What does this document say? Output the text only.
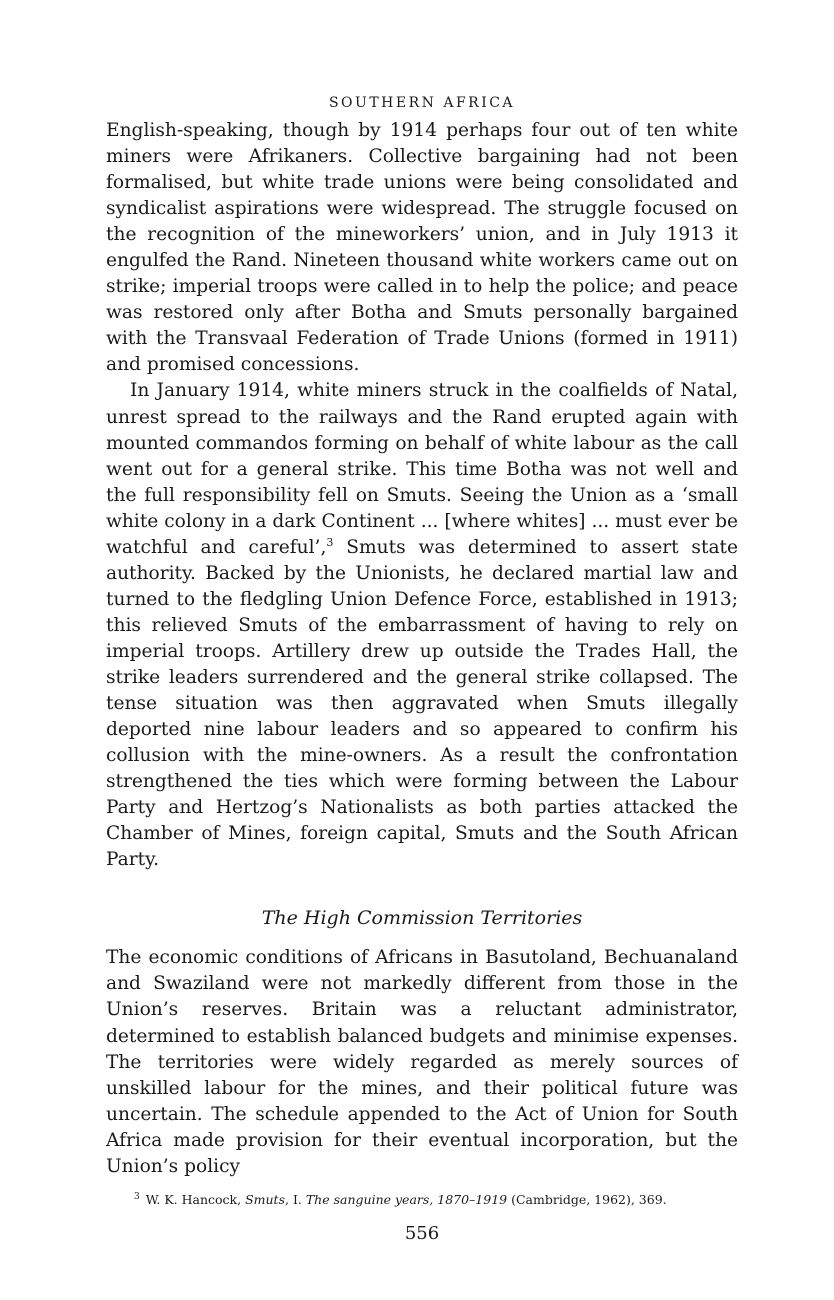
SOUTHERN AFRICA

English-speaking, though by 1914 perhaps four out of ten white miners were Afrikaners. Collective bargaining had not been formalised, but white trade unions were being consolidated and syndicalist aspirations were widespread. The struggle focused on the recognition of the mineworkers’ union, and in July 1913 it engulfed the Rand. Nineteen thousand white workers came out on strike; imperial troops were called in to help the police; and peace was restored only after Botha and Smuts personally bargained with the Transvaal Federation of Trade Unions (formed in 1911) and promised concessions.

In January 1914, white miners struck in the coalfields of Natal, unrest spread to the railways and the Rand erupted again with mounted commandos forming on behalf of white labour as the call went out for a general strike. This time Botha was not well and the full responsibility fell on Smuts. Seeing the Union as a ‘small white colony in a dark Continent ... [where whites] ... must ever be watchful and careful’,$^3$ Smuts was determined to assert state authority. Backed by the Unionists, he declared martial law and turned to the fledgling Union Defence Force, established in 1913; this relieved Smuts of the embarrassment of having to rely on imperial troops. Artillery drew up outside the Trades Hall, the strike leaders surrendered and the general strike collapsed. The tense situation was then aggravated when Smuts illegally deported nine labour leaders and so appeared to confirm his collusion with the mine-owners. As a result the confrontation strengthened the ties which were forming between the Labour Party and Hertzog’s Nationalists as both parties attacked the Chamber of Mines, foreign capital, Smuts and the South African Party.

The High Commission Territories

The economic conditions of Africans in Basutoland, Bechuanaland and Swaziland were not markedly different from those in the Union’s reserves. Britain was a reluctant administrator, determined to establish balanced budgets and minimise expenses. The territories were widely regarded as merely sources of unskilled labour for the mines, and their political future was uncertain. The schedule appended to the Act of Union for South Africa made provision for their eventual incorporation, but the Union’s policy

$^3$ W. K. Hancock, Smuts, I. The sanguine years, 1870–1919 (Cambridge, 1962), 369.

556
